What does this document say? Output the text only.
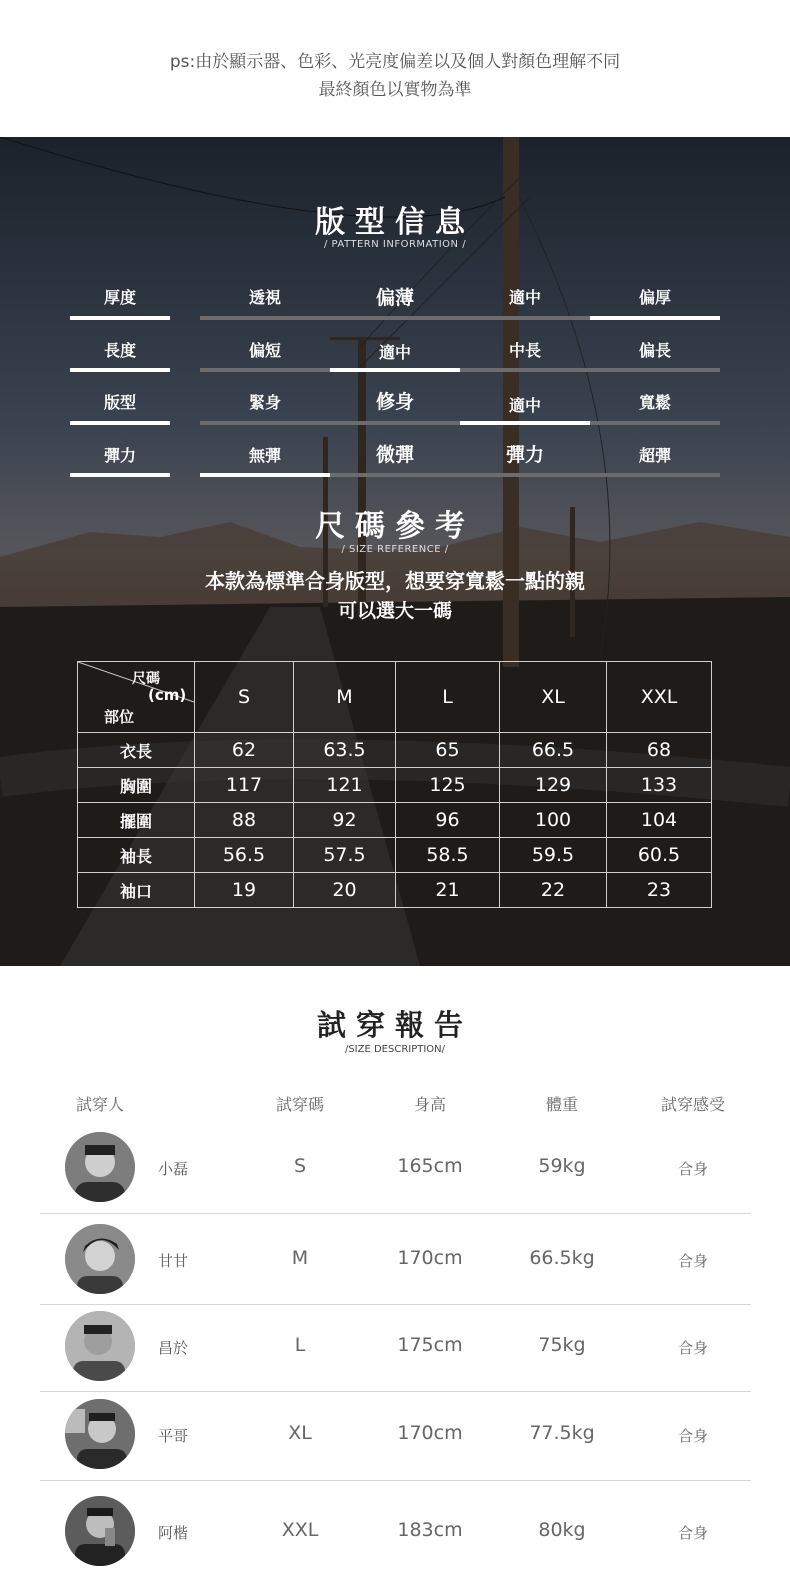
ps:由於顯示器、色彩、光亮度偏差以及個人對顏色理解不同
最終顏色以實物為準
版型信息
/ PATTERN INFORMATION /
厚度	透視	偏薄	適中	偏厚
長度	偏短	適中	中長	偏長
版型	緊身	修身	適中	寬鬆
彈力	無彈	微彈	彈力	超彈
尺碼參考
/ SIZE REFERENCE /
本款為標準合身版型，想要穿寬鬆一點的親
可以選大一碼
尺碼
(cm)
部位	S	M	L	XL	XXL
衣長	62	63.5	65	66.5	68
胸圍	117	121	125	129	133
擺圍	88	92	96	100	104
袖長	56.5	57.5	58.5	59.5	60.5
袖口	19	20	21	22	23
試穿報告
/SIZE DESCRIPTION/
試穿人	試穿碼	身高	體重	試穿感受
小磊	S	165cm	59kg	合身
甘甘	M	170cm	66.5kg	合身
昌於	L	175cm	75kg	合身
平哥	XL	170cm	77.5kg	合身
阿楷	XXL	183cm	80kg	合身
